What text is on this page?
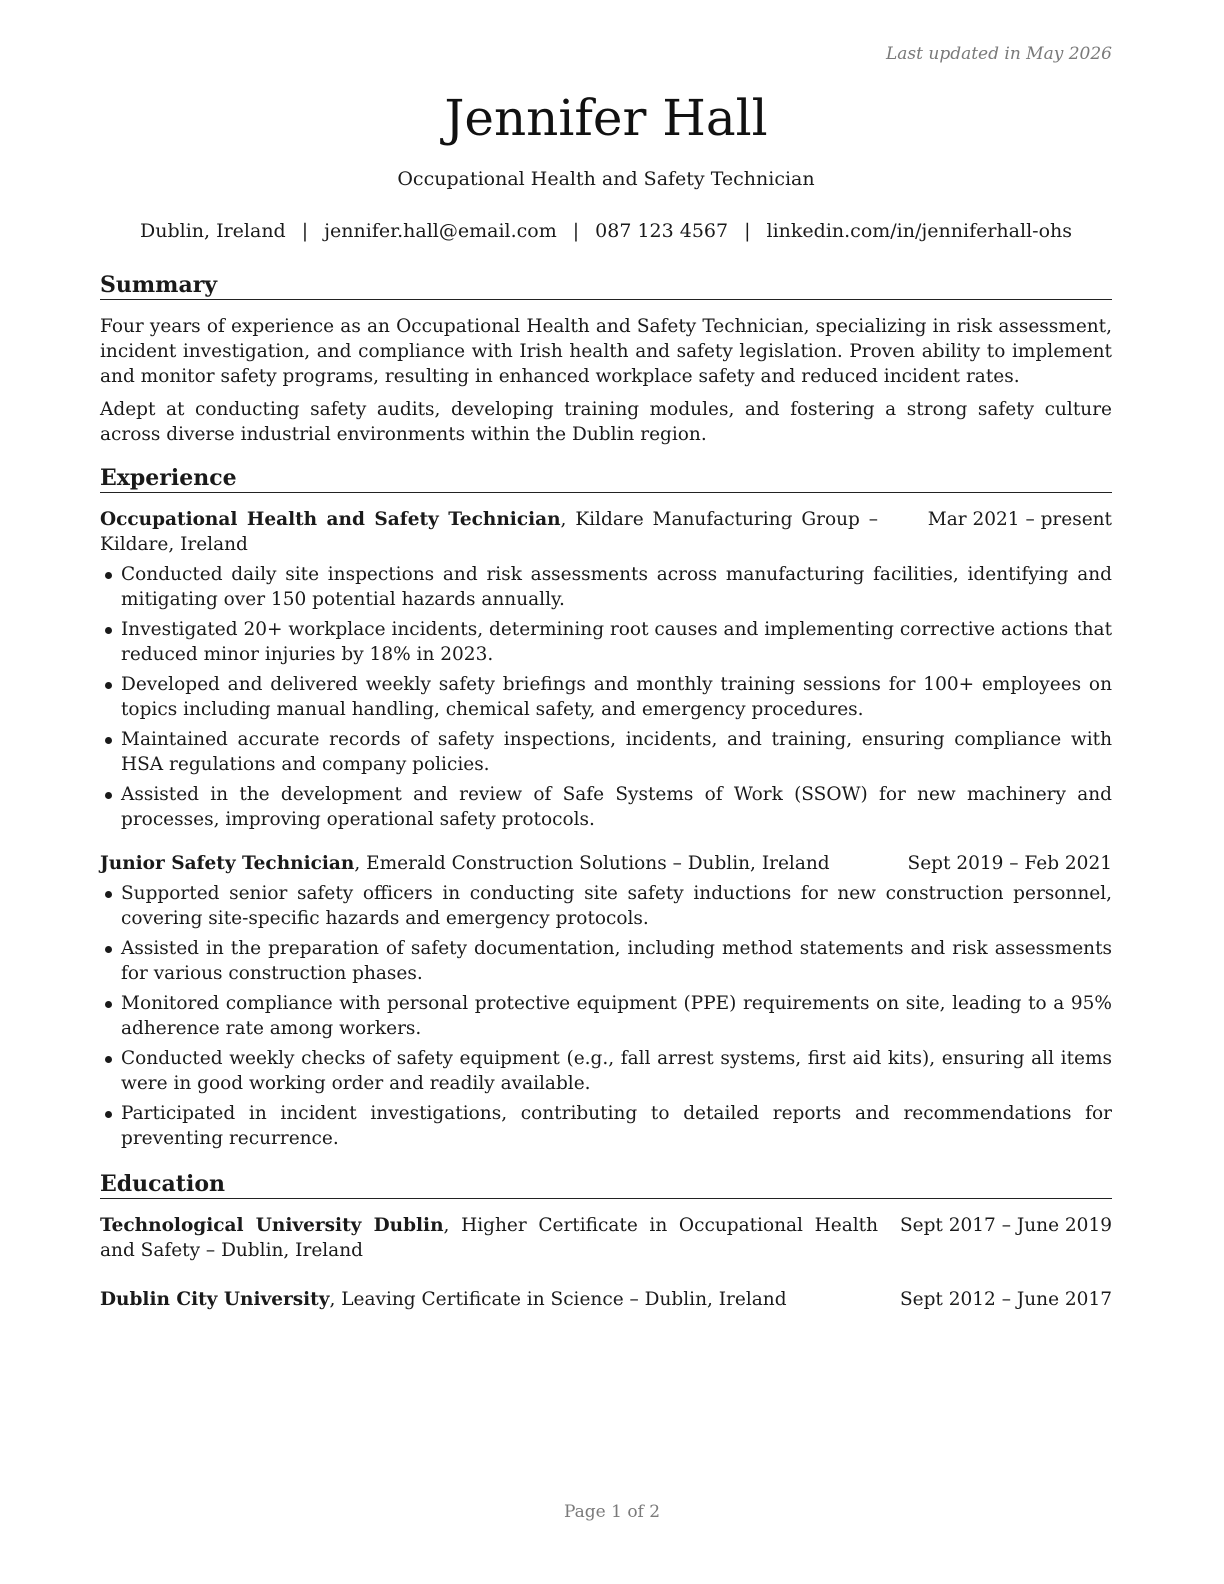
Last updated in May 2026
Jennifer Hall
Occupational Health and Safety Technician
Dublin, Ireland | jennifer.hall@email.com | 087 123 4567 | linkedin.com/in/jenniferhall-ohs
Summary

Four years of experience as an Occupational Health and Safety Technician, specializing in risk assessment, incident investigation, and compliance with Irish health and safety legislation. Proven ability to implement and monitor safety programs, resulting in enhanced workplace safety and reduced incident rates.

Adept at conducting safety audits, developing training modules, and fostering a strong safety culture across diverse industrial environments within the Dublin region.

Experience
Occupational Health and Safety Technician, Kildare Manufacturing Group – Kildare, Ireland
Mar 2021 – present
Conducted daily site inspections and risk assessments across manufacturing facilities, identifying and mitigating over 150 potential hazards annually.
Investigated 20+ workplace incidents, determining root causes and implementing corrective actions that reduced minor injuries by 18% in 2023.
Developed and delivered weekly safety briefings and monthly training sessions for 100+ employees on topics including manual handling, chemical safety, and emergency procedures.
Maintained accurate records of safety inspections, incidents, and training, ensuring compliance with HSA regulations and company policies.
Assisted in the development and review of Safe Systems of Work (SSOW) for new machinery and processes, improving operational safety protocols.
Junior Safety Technician, Emerald Construction Solutions – Dublin, Ireland	Sept 2019 – Feb 2021
Supported senior safety officers in conducting site safety inductions for new construction personnel, covering site-specific hazards and emergency protocols.
Assisted in the preparation of safety documentation, including method statements and risk assessments for various construction phases.
Monitored compliance with personal protective equipment (PPE) requirements on site, leading to a 95% adherence rate among workers.
Conducted weekly checks of safety equipment (e.g., fall arrest systems, first aid kits), ensuring all items were in good working order and readily available.
Participated in incident investigations, contributing to detailed reports and recommendations for preventing recurrence.
Education
Technological University Dublin, Higher Certificate in Occupational Health and Safety – Dublin, Ireland
Sept 2017 – June 2019
Dublin City University, Leaving Certificate in Science – Dublin, Ireland	Sept 2012 – June 2017
Page 1 of 2
